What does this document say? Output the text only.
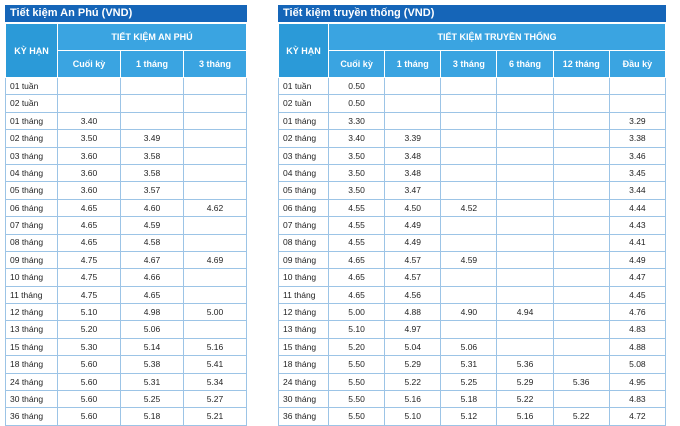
Tiết kiệm An Phú (VND)
KỲ HẠN	TIẾT KIỆM AN PHÚ		
	Cuối kỳ	1 tháng	3 tháng
01 tuần			
02 tuần			
01 tháng	3.40		
02 tháng	3.50	3.49	
03 tháng	3.60	3.58	
04 tháng	3.60	3.58	
05 tháng	3.60	3.57	
06 tháng	4.65	4.60	4.62
07 tháng	4.65	4.59	
08 tháng	4.65	4.58	
09 tháng	4.75	4.67	4.69
10 tháng	4.75	4.66	
11 tháng	4.75	4.65	
12 tháng	5.10	4.98	5.00
13 tháng	5.20	5.06	
15 tháng	5.30	5.14	5.16
18 tháng	5.60	5.38	5.41
24 tháng	5.60	5.31	5.34
30 tháng	5.60	5.25	5.27
36 tháng	5.60	5.18	5.21
Tiết kiệm truyền thống (VND)
KỲ HẠN	TIẾT KIỆM TRUYỀN THỐNG					
	Cuối kỳ	1 tháng	3 tháng	6 tháng	12 tháng	Đầu kỳ
01 tuần	0.50					
02 tuần	0.50					
01 tháng	3.30					3.29
02 tháng	3.40	3.39				3.38
03 tháng	3.50	3.48				3.46
04 tháng	3.50	3.48				3.45
05 tháng	3.50	3.47				3.44
06 tháng	4.55	4.50	4.52			4.44
07 tháng	4.55	4.49				4.43
08 tháng	4.55	4.49				4.41
09 tháng	4.65	4.57	4.59			4.49
10 tháng	4.65	4.57				4.47
11 tháng	4.65	4.56				4.45
12 tháng	5.00	4.88	4.90	4.94		4.76
13 tháng	5.10	4.97				4.83
15 tháng	5.20	5.04	5.06			4.88
18 tháng	5.50	5.29	5.31	5.36		5.08
24 tháng	5.50	5.22	5.25	5.29	5.36	4.95
30 tháng	5.50	5.16	5.18	5.22		4.83
36 tháng	5.50	5.10	5.12	5.16	5.22	4.72
